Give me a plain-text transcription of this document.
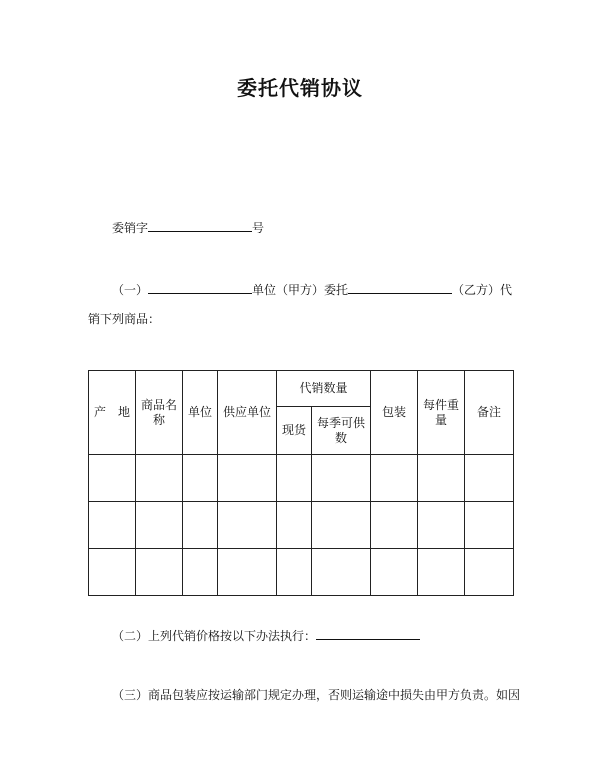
委托代销协议
委销字	号
（一）	单位（甲方）委托	（乙方）代
销下列商品：
产　地	商品名称	单位	供应单位	代销数量		包装	每件重量	备注
				现货	每季可供　数			

（二）上列代销价格按以下办法执行：
（三）商品包装应按运输部门规定办理，否则运输途中损失由甲方负责。如因
